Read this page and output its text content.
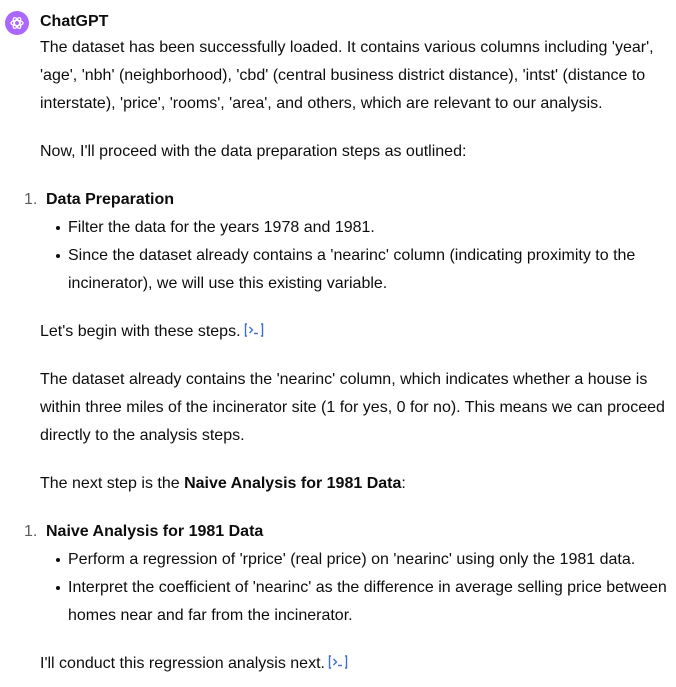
ChatGPT

The dataset has been successfully loaded. It contains various columns including 'year', 'age', 'nbh' (neighborhood), 'cbd' (central business district distance), 'intst' (distance to interstate), 'price', 'rooms', 'area', and others, which are relevant to our analysis.

Now, I'll proceed with the data preparation steps as outlined:

1. Data Preparation
Filter the data for the years 1978 and 1981.
Since the dataset already contains a 'nearinc' column (indicating proximity to the incinerator), we will use this existing variable.

Let's begin with these steps.

The dataset already contains the 'nearinc' column, which indicates whether a house is within three miles of the incinerator site (1 for yes, 0 for no). This means we can proceed directly to the analysis steps.

The next step is the Naive Analysis for 1981 Data:

1. Naive Analysis for 1981 Data
Perform a regression of 'rprice' (real price) on 'nearinc' using only the 1981 data.
Interpret the coefficient of 'nearinc' as the difference in average selling price between homes near and far from the incinerator.

I'll conduct this regression analysis next.
